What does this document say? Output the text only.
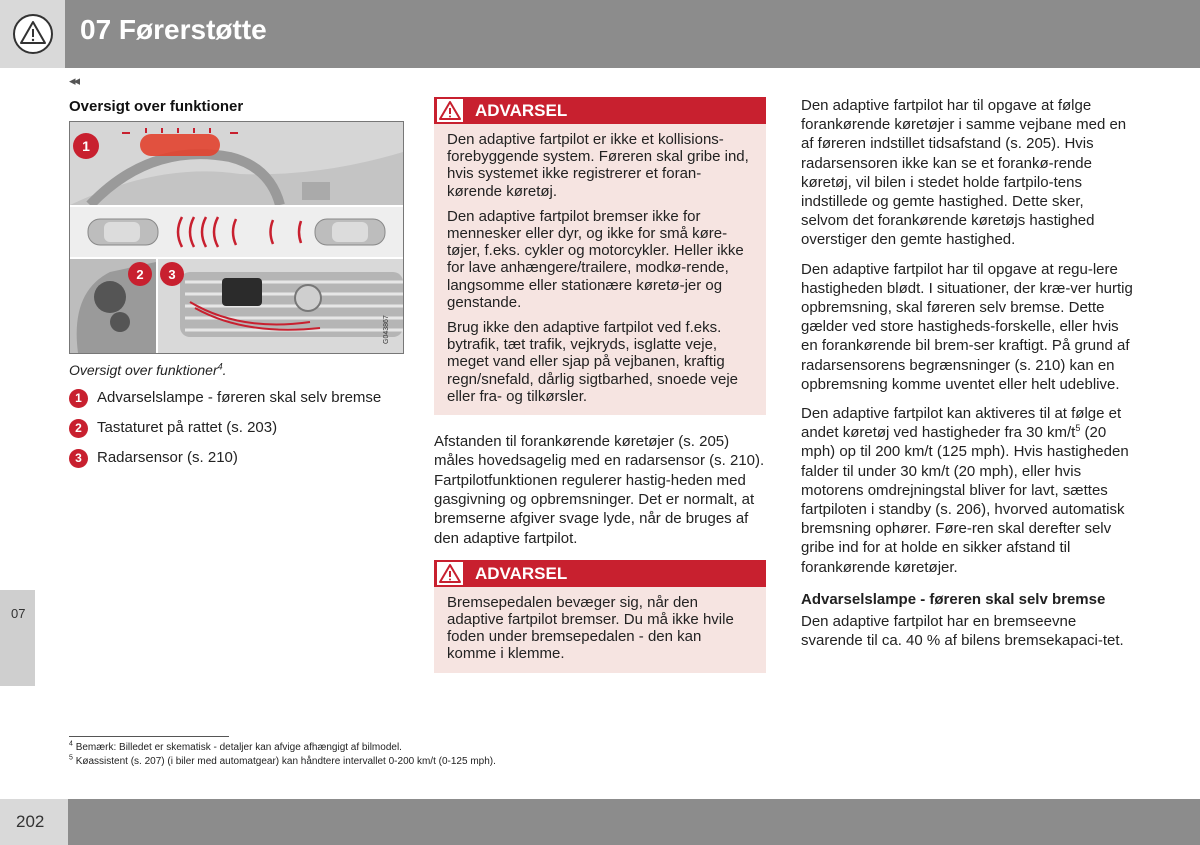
07 Førerstøtte
◂◂
Oversigt over funktioner
1
2 3
G043867
Oversigt over funktioner$^4$.
1	Advarselslampe - føreren skal selv bremse
2	Tastaturet på rattet (s. 203)
3	Radarsensor (s. 210)
ADVARSEL

Den adaptive fartpilot er ikke et kollisions-forebyggende system. Føreren skal gribe ind, hvis systemet ikke registrerer et foran-kørende køretøj.

Den adaptive fartpilot bremser ikke for mennesker eller dyr, og ikke for små køre-tøjer, f.eks. cykler og motorcykler. Heller ikke for lave anhængere/trailere, modkø-rende, langsomme eller stationære køretø-jer og genstande.

Brug ikke den adaptive fartpilot ved f.eks. bytrafik, tæt trafik, vejkryds, isglatte veje, meget vand eller sjap på vejbanen, kraftig regn/snefald, dårlig sigtbarhed, snoede veje eller fra- og tilkørsler.

Afstanden til forankørende køretøjer (s. 205) måles hovedsagelig med en radarsensor (s. 210). Fartpilotfunktionen regulerer hastig-heden med gasgivning og opbremsninger. Det er normalt, at bremserne afgiver svage lyde, når de bruges af den adaptive fartpilot.

ADVARSEL

Bremsepedalen bevæger sig, når den adaptive fartpilot bremser. Du må ikke hvile foden under bremsepedalen - den kan komme i klemme.

Den adaptive fartpilot har til opgave at følge forankørende køretøjer i samme vejbane med en af føreren indstillet tidsafstand (s. 205). Hvis radarsensoren ikke kan se et forankø-rende køretøj, vil bilen i stedet holde fartpilo-tens indstillede og gemte hastighed. Dette sker, selvom det forankørende køretøjs hastighed overstiger den gemte hastighed.

Den adaptive fartpilot har til opgave at regu-lere hastigheden blødt. I situationer, der kræ-ver hurtig opbremsning, skal føreren selv bremse. Dette gælder ved store hastigheds-forskelle, eller hvis en forankørende bil brem-ser kraftigt. På grund af radarsensorens begrænsninger (s. 210) kan en opbremsning komme uventet eller helt udeblive.

Den adaptive fartpilot kan aktiveres til at følge et andet køretøj ved hastigheder fra 30 $km/t^5$ (20 mph) op til 200 km/t (125 mph). Hvis hastigheden falder til under 30 km/t (20 mph), eller hvis motorens omdrejningstal bliver for lavt, sættes fartpiloten i standby (s. 206), hvorved automatisk bremsning ophører. Føre-ren skal derefter selv gribe ind for at holde en sikker afstand til forankørende køretøjer.

Advarselslampe - føreren skal selv bremse

Den adaptive fartpilot har en bremseevne svarende til ca. 40 % af bilens bremsekapaci-tet.

$^4$ Bemærk: Billedet er skematisk - detaljer kan afvige afhængigt af bilmodel.
$^5$ Køassistent (s. 207) (i biler med automatgear) kan håndtere intervallet 0-200 km/t (0-125 mph).
07
202
